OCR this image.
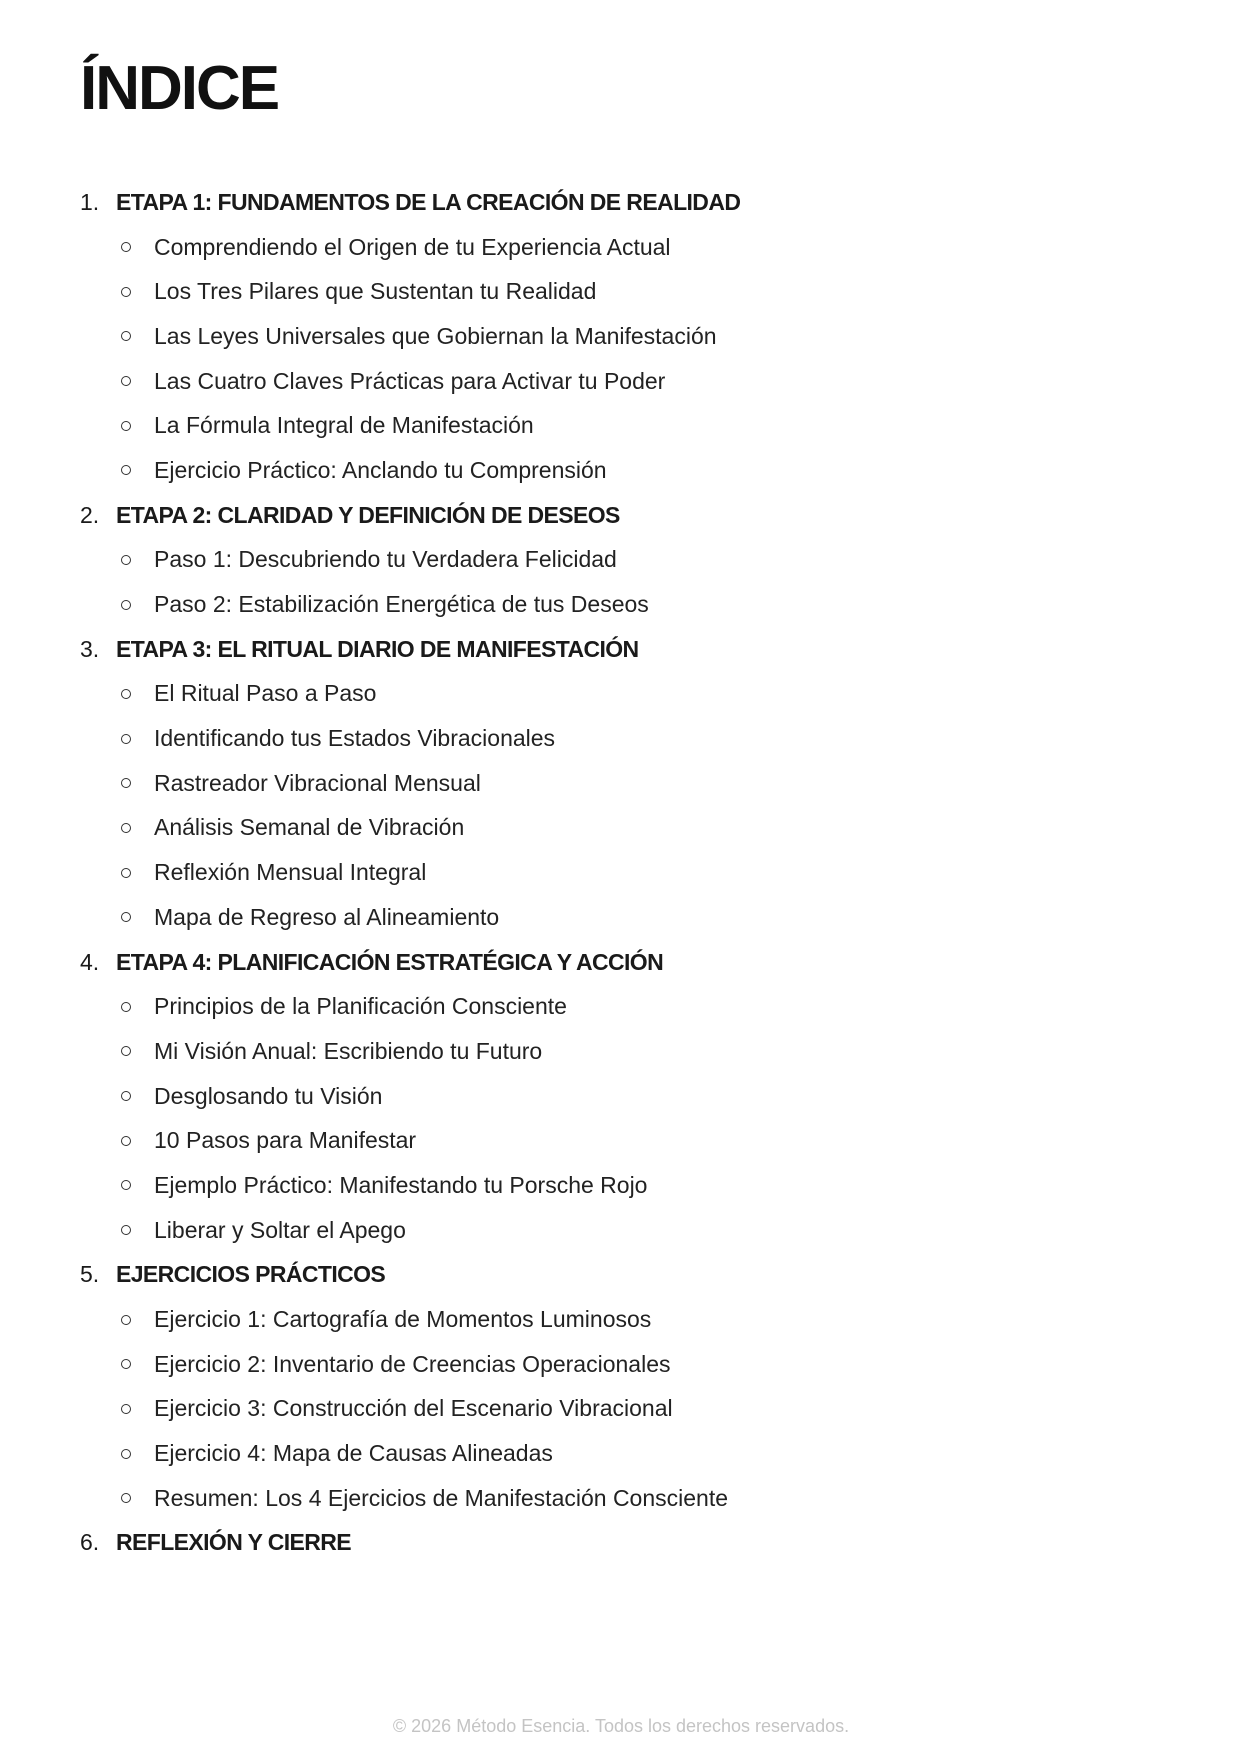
ÍNDICE
1. ETAPA 1: FUNDAMENTOS DE LA CREACIÓN DE REALIDAD
Comprendiendo el Origen de tu Experiencia Actual
Los Tres Pilares que Sustentan tu Realidad
Las Leyes Universales que Gobiernan la Manifestación
Las Cuatro Claves Prácticas para Activar tu Poder
La Fórmula Integral de Manifestación
Ejercicio Práctico: Anclando tu Comprensión
2. ETAPA 2: CLARIDAD Y DEFINICIÓN DE DESEOS
Paso 1: Descubriendo tu Verdadera Felicidad
Paso 2: Estabilización Energética de tus Deseos
3. ETAPA 3: EL RITUAL DIARIO DE MANIFESTACIÓN
El Ritual Paso a Paso
Identificando tus Estados Vibracionales
Rastreador Vibracional Mensual
Análisis Semanal de Vibración
Reflexión Mensual Integral
Mapa de Regreso al Alineamiento
4. ETAPA 4: PLANIFICACIÓN ESTRATÉGICA Y ACCIÓN
Principios de la Planificación Consciente
Mi Visión Anual: Escribiendo tu Futuro
Desglosando tu Visión
10 Pasos para Manifestar
Ejemplo Práctico: Manifestando tu Porsche Rojo
Liberar y Soltar el Apego
5. EJERCICIOS PRÁCTICOS
Ejercicio 1: Cartografía de Momentos Luminosos
Ejercicio 2: Inventario de Creencias Operacionales
Ejercicio 3: Construcción del Escenario Vibracional
Ejercicio 4: Mapa de Causas Alineadas
Resumen: Los 4 Ejercicios de Manifestación Consciente
6. REFLEXIÓN Y CIERRE
© 2026 Método Esencia. Todos los derechos reservados.
